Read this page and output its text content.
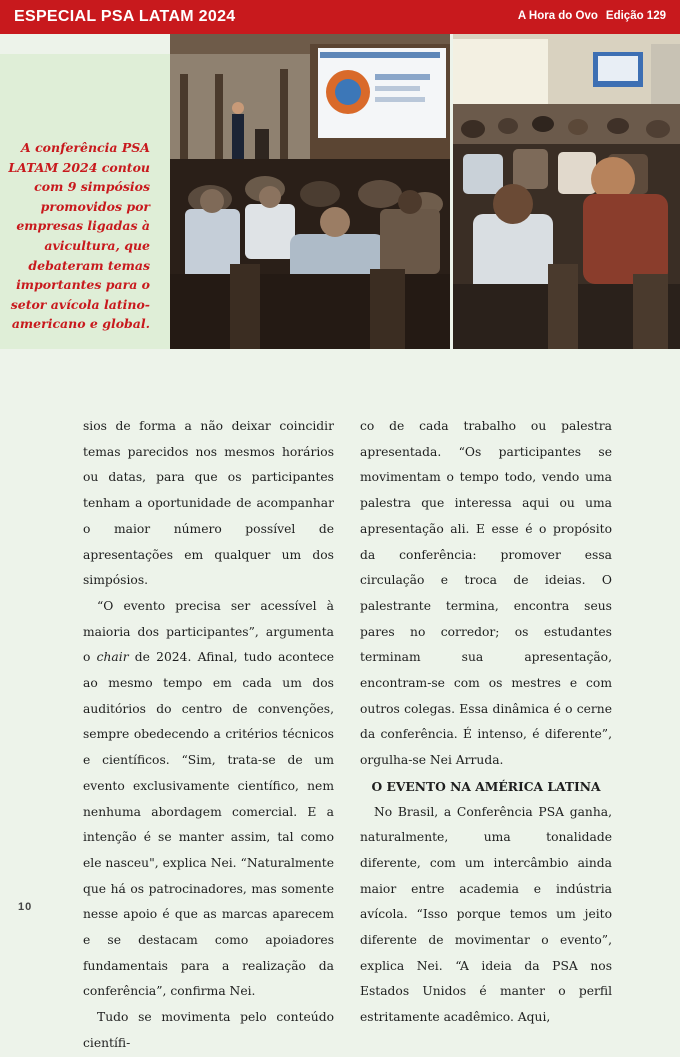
ESPECIAL PSA LATAM 2024	A Hora do Ovo Edição 129
A conferência PSA LATAM 2024 contou com 9 simpósios promovidos por empresas ligadas à avicultura, que debateram temas importantes para o setor avícola latino-americano e global.

sios de forma a não deixar coincidir temas parecidos nos mesmos horários ou datas, para que os participantes tenham a oportunidade de acompanhar o maior número possível de apresentações em qualquer um dos simpósios.

“O evento precisa ser acessível à maioria dos participantes”, argumenta o chair de 2024. Afinal, tudo acontece ao mesmo tempo em cada um dos auditórios do centro de convenções, sempre obedecendo a critérios técnicos e científicos. “Sim, trata-se de um evento exclusivamente científico, nem nenhuma abordagem comercial. E a intenção é se manter assim, tal como ele nasceu", explica Nei. “Naturalmente que há os patrocinadores, mas somente nesse apoio é que as marcas aparecem e se destacam como apoiadores fundamentais para a realização da conferência”, confirma Nei.

Tudo se movimenta pelo conteúdo científi-

co de cada trabalho ou palestra apresentada. “Os participantes se movimentam o tempo todo, vendo uma palestra que interessa aqui ou uma apresentação ali. E esse é o propósito da conferência: promover essa circulação e troca de ideias. O palestrante termina, encontra seus pares no corredor; os estudantes terminam sua apresentação, encontram-se com os mestres e com outros colegas. Essa dinâmica é o cerne da conferência. É intenso, é diferente”, orgulha-se Nei Arruda.

O EVENTO NA AMÉRICA LATINA

No Brasil, a Conferência PSA ganha, naturalmente, uma tonalidade diferente, com um intercâmbio ainda maior entre academia e indústria avícola. “Isso porque temos um jeito diferente de movimentar o evento”, explica Nei. “A ideia da PSA nos Estados Unidos é manter o perfil estritamente acadêmico. Aqui,

10
